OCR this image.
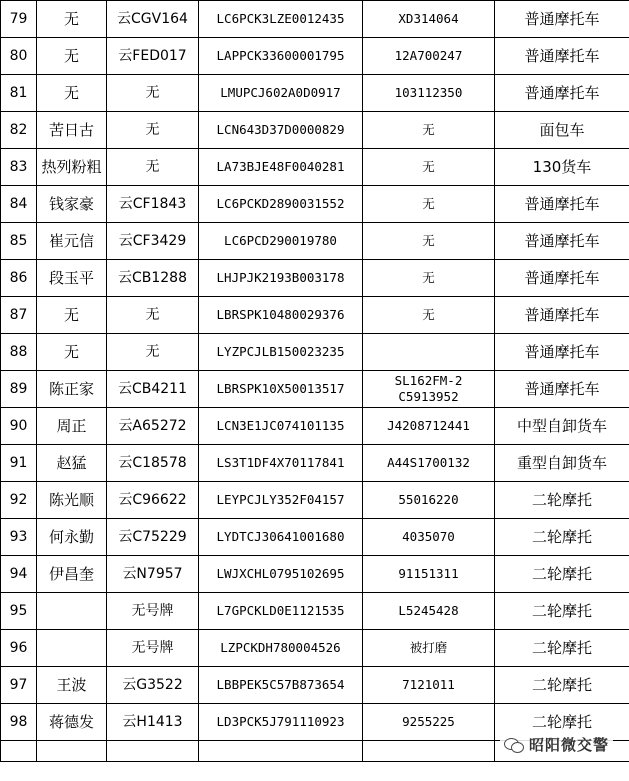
79	无	云CGV164	LC6PCK3LZE0012435	XD314064	普通摩托车
80	无	云FED017	LAPPCK33600001795	12A700247	普通摩托车
81	无	无	LMUPCJ602A0D0917	103112350	普通摩托车
82	苦日古	无	LCN643D37D0000829	无	面包车
83	热列粉粗	无	LA73BJE48F0040281	无	130货车
84	钱家豪	云CF1843	LC6PCKD2890031552	无	普通摩托车
85	崔元信	云CF3429	LC6PCD290019780	无	普通摩托车
86	段玉平	云CB1288	LHJPJK2193B003178	无	普通摩托车
87	无	无	LBRSPK10480029376	无	普通摩托车
88	无	无	LYZPCJLB150023235		普通摩托车
89	陈正家	云CB4211	LBRSPK10X50013517	SL162FM-2 C5913952	普通摩托车
90	周正	云A65272	LCN3E1JC074101135	J4208712441	中型自卸货车
91	赵猛	云C18578	LS3T1DF4X70117841	A44S1700132	重型自卸货车
92	陈光顺	云C96622	LEYPCJLY352F04157	55016220	二轮摩托
93	何永勤	云C75229	LYDTCJ30641001680	4035070	二轮摩托
94	伊昌奎	云N7957	LWJXCHL0795102695	91151311	二轮摩托
95		无号牌	L7GPCKLD0E1121535	L5245428	二轮摩托
96		无号牌	LZPCKDH780004526	被打磨	二轮摩托
97	王波	云G3522	LBBPEK5C57B873654	7121011	二轮摩托
98	蒋德发	云H1413	LD3PCK5J791110923	9255225	二轮摩托

昭阳微交警
